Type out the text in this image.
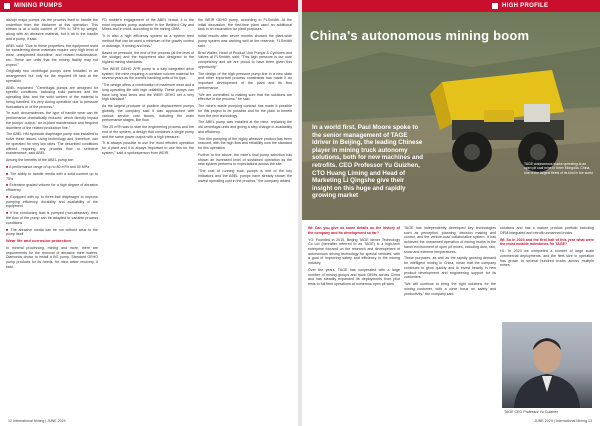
MINING PUMPS

disrupt major pumps via the process itself to handle the underflow from the thickener at this operation. This stream is at a solid content of 75% to 78% by weight, along with an abrasive material, but it all is the handle and a pump, it said.

ABEL said: "Due to these properties, the equipment used for transferring these materials require very high level of wear, unexpected downtime, and related maintenance, etc. These are units that the mining facility may not expect."

Originally two centrifugal pumps were installed in an arrangement but only for the required lift task at the operation.

ABEL explained: "Centrifugal pumps are designed for specific conditions, including solid particles and the operating flow, and the solid content of the material is being handled. It's very during operation due to pressure fluctuations or of the process."

"In such circumstances, the type of handle wear can be performance dramatically reduced, which directly impact the pumps' output," an in-plant maintenance and frequent downtime of the related production line."

The ABEL HM hydraulic diaphragm pump was installed to solve these issues, using technology and, therefore, can be operated for very low rates. The described conditions without requiring any process flow or selective maintenance, said ABEL.

Among the benefits of the ABEL pump are:

■ A performance range of up to 80 m³/h and 50 MPa

■ The ability to handle media with a solid content up to 75%

■ Extensive graded volume for a high degree of abrasive efficiency

■ Equipped with up to three-ball diaphragm to improve pumping efficiency, durability and availability of the equipment

■ If the conducting fluid is pumped (non-abrasive), then the flow of the pump can be adapted to variable process conditions

■ The abrasive media can be run without wear to the pump itself.

Wear life and corrosion protection

In mineral processing, mining and more, there are requirements for the removal of abrasive mine waters, Diamonds chose to install a BG pump. Standard GEHO pump products for its needs, for mine water recovery, it said.

FD mobile's engagement of the ABEL brand, it is the most important pump customer in the Bedford City and Mines and in mind, according to the mining GMA.

"It is also a high efficiency system as a system feed method that can be used a minimum of the gravity control or drainage, if mining and less."

Based on pressure, the end of the process (at the level of the sludge) and the equipment also designed to the highest mining standards.

The WEIR GEHO ZPR pump is a fully integrated drive system, the mine requiring a constant volume material for several years as the world's handling units of its type.

"The design offers a combination of maximum wear and a long operating life with high reliability. These pumps can have long lead times and the WEIR GEHO set a very high standard."

As the largest producer of positive displacement pumps globally, the company said it was approached with various service cost issues, including the main performance stages, like flow.

The 25 m³/h was to start the engineering process and the end of the system, a design that combines a single pump and the same power output with a high pressure.

"It is always possible to use the most efficient operation for a plant and it is always important to use this for the system," said a spokesperson from WEIR.

the WEIR GEHO pump, according to FLSmidth. At the initial discussion, the first-time plant used an additional tank in an excavation for plant purposes.

Initial results after seven months showed the plant-wide pump system was working well at the reservoir, FLSmidth said.

Brad Walter, Head of Product Unit Pumps & Cyclones and Valves at FLSmidth, said: "This high pressure is our core competency and we are proud to have been given this opportunity."

The design of the high pressure pump line in a new state and other important process constraints has made it an important development of the plant and its flow performance.

"We are committed to making sure that the solutions are effective in the process," he said.

The mine's waste pumping contract has made it possible for this project to be possible and for the plant to benefit from the new technology.

The ABEL pump was installed at the mine, replacing the old centrifugal units and giving a step change in availability and efficiency.

Thin film pumping of the highly abrasive product has been reduced, with the high flow and reliability now the standard for this operation.

Further to the above, the mine's final pump selection has shown an increased level of sustained operation as the new system performs to expectations across the site.

"The cost of running such pumps is one of the key indicators and the ABEL pumps have already shown the lowest operating cost in the process," the company added.

12 International Mining | JUNE 2024
HIGH PROFILE
China's autonomous mining boom
In a world first, Paul Moore spoke to the senior management of TAGE Idriver in Beijing, the leading Chinese player in mining truck autonomy solutions, both for new machines and retrofits. CEO Professor Yu Guizhen, CTO Huang Liming and Head of Marketing Li Qingshe give their insight on this huge and rapidly growing market
TAGE autonomous trucks operating at an open pit coal mine in Inner Mongolia, China, one of the largest fleets of its kind in the world

IM: Can you give us some details on the history of the company and its development so far?

YG: Founded in 2015, Beijing TAGE Idriver Technology Co Ltd (hereafter referred to as TAGE) is a high-tech enterprise focused on the research and development of autonomous driving technology for special vehicles, with a goal of improving safety and efficiency in the mining industry.

Over the years, TAGE has cooperated with a large number of mining groups and truck OEMs across China and has steadily expanded its deployments from pilot tests to full fleet operations at numerous open pit sites.

TAGE has independently developed key technologies such as perception, planning, decision making and control, and the vehicle-road collaborative system. It has achieved the unmanned operation of mining trucks in the harsh environment of open pit mines, including dust, rain, snow and extreme temperatures.

These purposes, as well as the rapidly growing demand for intelligent mining in China, mean that the company continues to grow quickly and to invest heavily in new product development and engineering support for its customers.

"We will continue to bring the right solutions for the mining customer, with a clear focus on safety and productivity," the company said.

solutions and has a mature product portfolio including OEM-integrated and retrofit unmanned trucks.

IM: So in 2023 and the first half of this year what were the most notable milestones for TAGE?

HL: In 2023 we completed a number of large scale commercial deployments, and the fleet size in operation has grown to several hundred trucks across multiple mines.

TAGE CEO Professor Yu Guizhen
JUNE 2024 | International Mining 13
